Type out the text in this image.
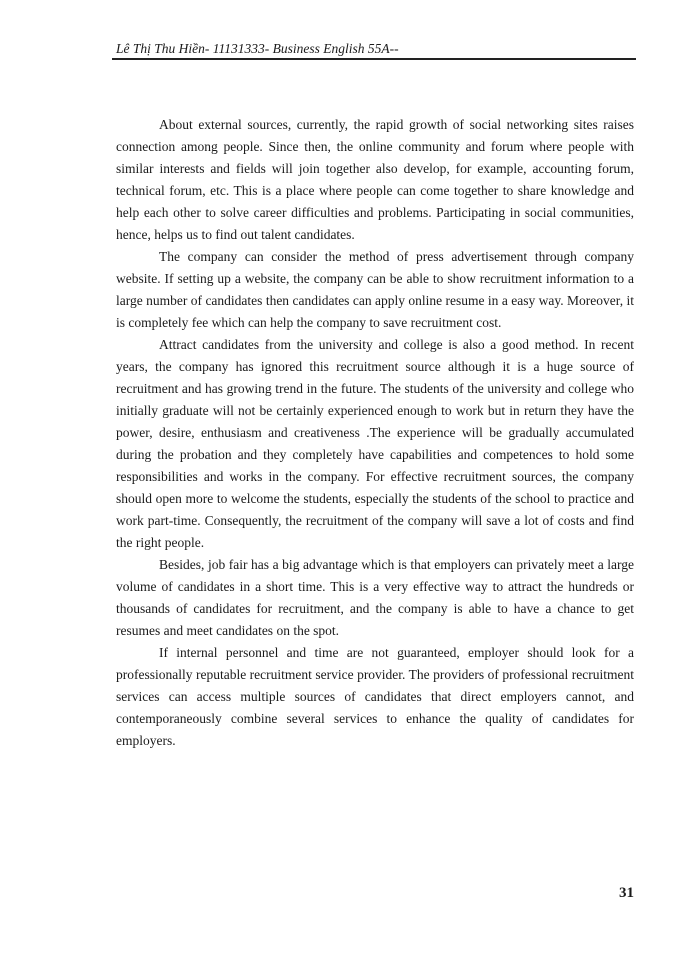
Lê Thị Thu Hiền- 11131333- Business English 55A--

About external sources, currently, the rapid growth of social networking sites raises connection among people. Since then, the online community and forum where people with similar interests and fields will join together also develop, for example, accounting forum, technical forum, etc. This is a place where people can come together to share knowledge and help each other to solve career difficulties and problems. Participating in social communities, hence, helps us to find out talent candidates.

The company can consider the method of press advertisement through company website. If setting up a website, the company can be able to show recruitment information to a large number of candidates then candidates can apply online resume in a easy way. Moreover, it is completely fee which can help the company to save recruitment cost.

Attract candidates from the university and college is also a good method. In recent years, the company has ignored this recruitment source although it is a huge source of recruitment and has growing trend in the future. The students of the university and college who initially graduate will not be certainly experienced enough to work but in return they have the power, desire, enthusiasm and creativeness .The experience will be gradually accumulated during the probation and they completely have capabilities and competences to hold some responsibilities and works in the company. For effective recruitment sources, the company should open more to welcome the students, especially the students of the school to practice and work part-time. Consequently, the recruitment of the company will save a lot of costs and find the right people.

Besides, job fair has a big advantage which is that employers can privately meet a large volume of candidates in a short time. This is a very effective way to attract the hundreds or thousands of candidates for recruitment, and the company is able to have a chance to get resumes and meet candidates on the spot.

If internal personnel and time are not guaranteed, employer should look for a professionally reputable recruitment service provider. The providers of professional recruitment services can access multiple sources of candidates that direct employers cannot, and contemporaneously combine several services to enhance the quality of candidates for employers.

31
